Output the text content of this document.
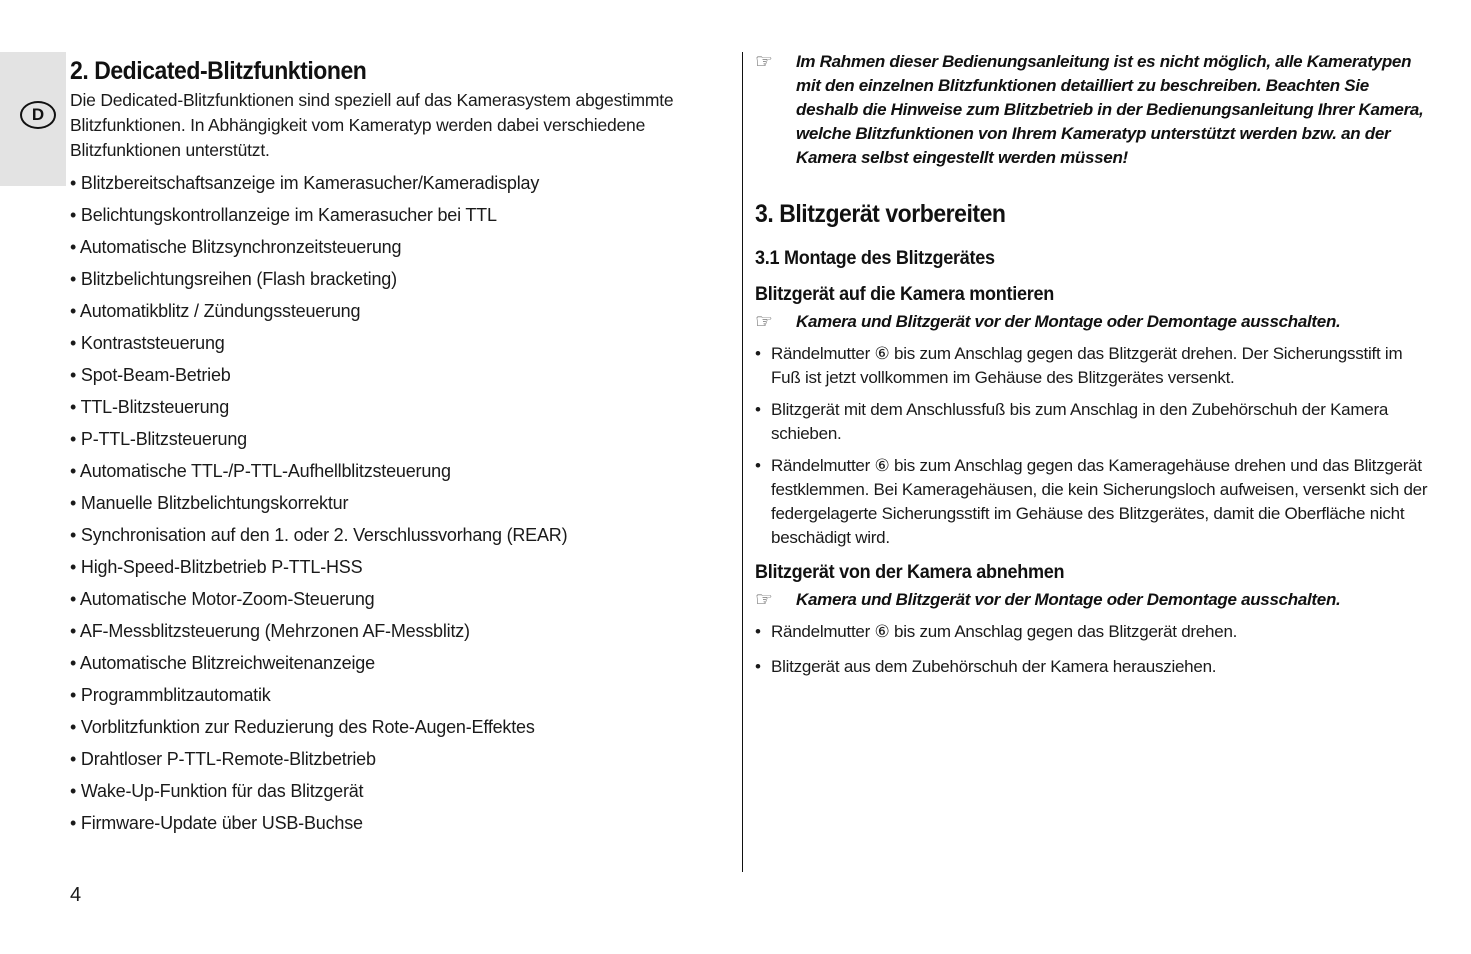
D
2. Dedicated-Blitzfunktionen

Die Dedicated-Blitzfunktionen sind speziell auf das Kamerasystem abgestimmte Blitzfunktionen. In Abhängigkeit vom Kameratyp werden dabei verschiedene Blitzfunktionen unterstützt.

• Blitzbereitschaftsanzeige im Kamerasucher/Kameradisplay
• Belichtungskontrollanzeige im Kamerasucher bei TTL
• Automatische Blitzsynchronzeitsteuerung
• Blitzbelichtungsreihen (Flash bracketing)
• Automatikblitz / Zündungssteuerung
• Kontraststeuerung
• Spot-Beam-Betrieb
• TTL-Blitzsteuerung
• P-TTL-Blitzsteuerung
• Automatische TTL-/P-TTL-Aufhellblitzsteuerung
• Manuelle Blitzbelichtungskorrektur
• Synchronisation auf den 1. oder 2. Verschlussvorhang (REAR)
• High-Speed-Blitzbetrieb P-TTL-HSS
• Automatische Motor-Zoom-Steuerung
• AF-Messblitzsteuerung (Mehrzonen AF-Messblitz)
• Automatische Blitzreichweitenanzeige
• Programmblitzautomatik
• Vorblitzfunktion zur Reduzierung des Rote-Augen-Effektes
• Drahtloser P-TTL-Remote-Blitzbetrieb
• Wake-Up-Funktion für das Blitzgerät
• Firmware-Update über USB-Buchse
☞ Im Rahmen dieser Bedienungsanleitung ist es nicht möglich, alle Kameratypen mit den einzelnen Blitzfunktionen detailliert zu beschreiben. Beachten Sie deshalb die Hinweise zum Blitzbetrieb in der Bedienungsanleitung Ihrer Kamera, welche Blitzfunktionen von Ihrem Kameratyp unterstützt werden bzw. an der Kamera selbst eingestellt werden müssen!
3. Blitzgerät vorbereiten
3.1 Montage des Blitzgerätes
Blitzgerät auf die Kamera montieren
☞ Kamera und Blitzgerät vor der Montage oder Demontage ausschalten.
• Rändelmutter ⑥ bis zum Anschlag gegen das Blitzgerät drehen. Der Sicherungsstift im Fuß ist jetzt vollkommen im Gehäuse des Blitzgerätes versenkt.
• Blitzgerät mit dem Anschlussfuß bis zum Anschlag in den Zubehörschuh der Kamera schieben.
• Rändelmutter ⑥ bis zum Anschlag gegen das Kameragehäuse drehen und das Blitzgerät festklemmen. Bei Kameragehäusen, die kein Sicherungsloch aufweisen, versenkt sich der federgelagerte Sicherungsstift im Gehäuse des Blitzgerätes, damit die Oberfläche nicht beschädigt wird.
Blitzgerät von der Kamera abnehmen
☞ Kamera und Blitzgerät vor der Montage oder Demontage ausschalten.
• Rändelmutter ⑥ bis zum Anschlag gegen das Blitzgerät drehen.
• Blitzgerät aus dem Zubehörschuh der Kamera herausziehen.
4
